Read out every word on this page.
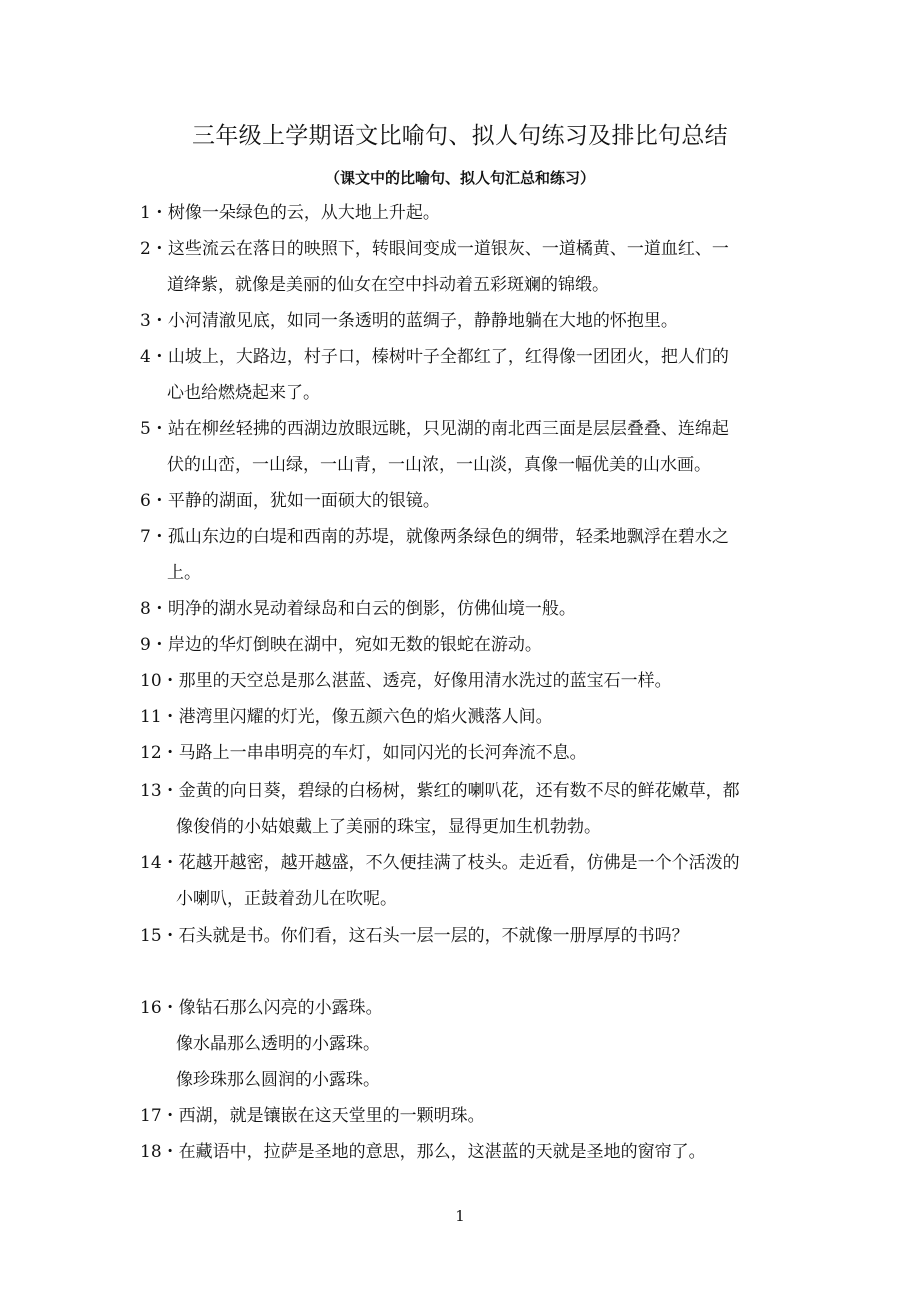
三年级上学期语文比喻句、拟人句练习及排比句总结
（课文中的比喻句、拟人句汇总和练习）
1・树像一朵绿色的云，从大地上升起。
2・这些流云在落日的映照下，转眼间变成一道银灰、一道橘黄、一道血红、一
道绛紫，就像是美丽的仙女在空中抖动着五彩斑斓的锦缎。
3・小河清澈见底，如同一条透明的蓝绸子，静静地躺在大地的怀抱里。
4・山坡上，大路边，村子口，榛树叶子全都红了，红得像一团团火，把人们的
心也给燃烧起来了。
5・站在柳丝轻拂的西湖边放眼远眺，只见湖的南北西三面是层层叠叠、连绵起
伏的山峦，一山绿，一山青，一山浓，一山淡，真像一幅优美的山水画。
6・平静的湖面，犹如一面硕大的银镜。
7・孤山东边的白堤和西南的苏堤，就像两条绿色的绸带，轻柔地飘浮在碧水之
上。
8・明净的湖水晃动着绿岛和白云的倒影，仿佛仙境一般。
9・岸边的华灯倒映在湖中，宛如无数的银蛇在游动。
10・那里的天空总是那么湛蓝、透亮，好像用清水洗过的蓝宝石一样。
11・港湾里闪耀的灯光，像五颜六色的焰火溅落人间。
12・马路上一串串明亮的车灯，如同闪光的长河奔流不息。
13・金黄的向日葵，碧绿的白杨树，紫红的喇叭花，还有数不尽的鲜花嫩草，都
像俊俏的小姑娘戴上了美丽的珠宝，显得更加生机勃勃。
14・花越开越密，越开越盛，不久便挂满了枝头。走近看，仿佛是一个个活泼的
小喇叭，正鼓着劲儿在吹呢。
15・石头就是书。你们看，这石头一层一层的，不就像一册厚厚的书吗？
16・像钻石那么闪亮的小露珠。
像水晶那么透明的小露珠。
像珍珠那么圆润的小露珠。
17・西湖，就是镶嵌在这天堂里的一颗明珠。
18・在藏语中，拉萨是圣地的意思，那么，这湛蓝的天就是圣地的窗帘了。
1
